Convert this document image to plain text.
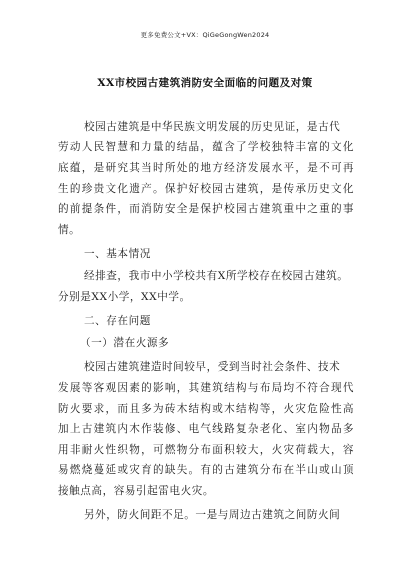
更多免费公文+VX：QiGeGongWen2024
XX市校园古建筑消防安全面临的问题及对策
校园古建筑是中华民族文明发展的历史见证，是古代
劳动人民智慧和力量的结晶，蕴含了学校独特丰富的文化
底蕴，是研究其当时所处的地方经济发展水平，是不可再
生的珍贵文化遗产。保护好校园古建筑，是传承历史文化
的前提条件，而消防安全是保护校园古建筑重中之重的事
情。
一、基本情况
经排查，我市中小学校共有X所学校存在校园古建筑。
分别是XX小学，XX中学。
二、存在问题
（一）潜在火源多
校园古建筑建造时间较早，受到当时社会条件、技术
发展等客观因素的影响，其建筑结构与布局均不符合现代
防火要求，而且多为砖木结构或木结构等，火灾危险性高
加上古建筑内木作装修、电气线路复杂老化、室内物品多
用非耐火性织物，可燃物分布面积较大，火灾荷载大，容
易燃烧蔓延或灾育的缺失。有的古建筑分布在半山或山顶
接触点高，容易引起雷电火灾。
另外，防火间距不足。一是与周边古建筑之间防火间
